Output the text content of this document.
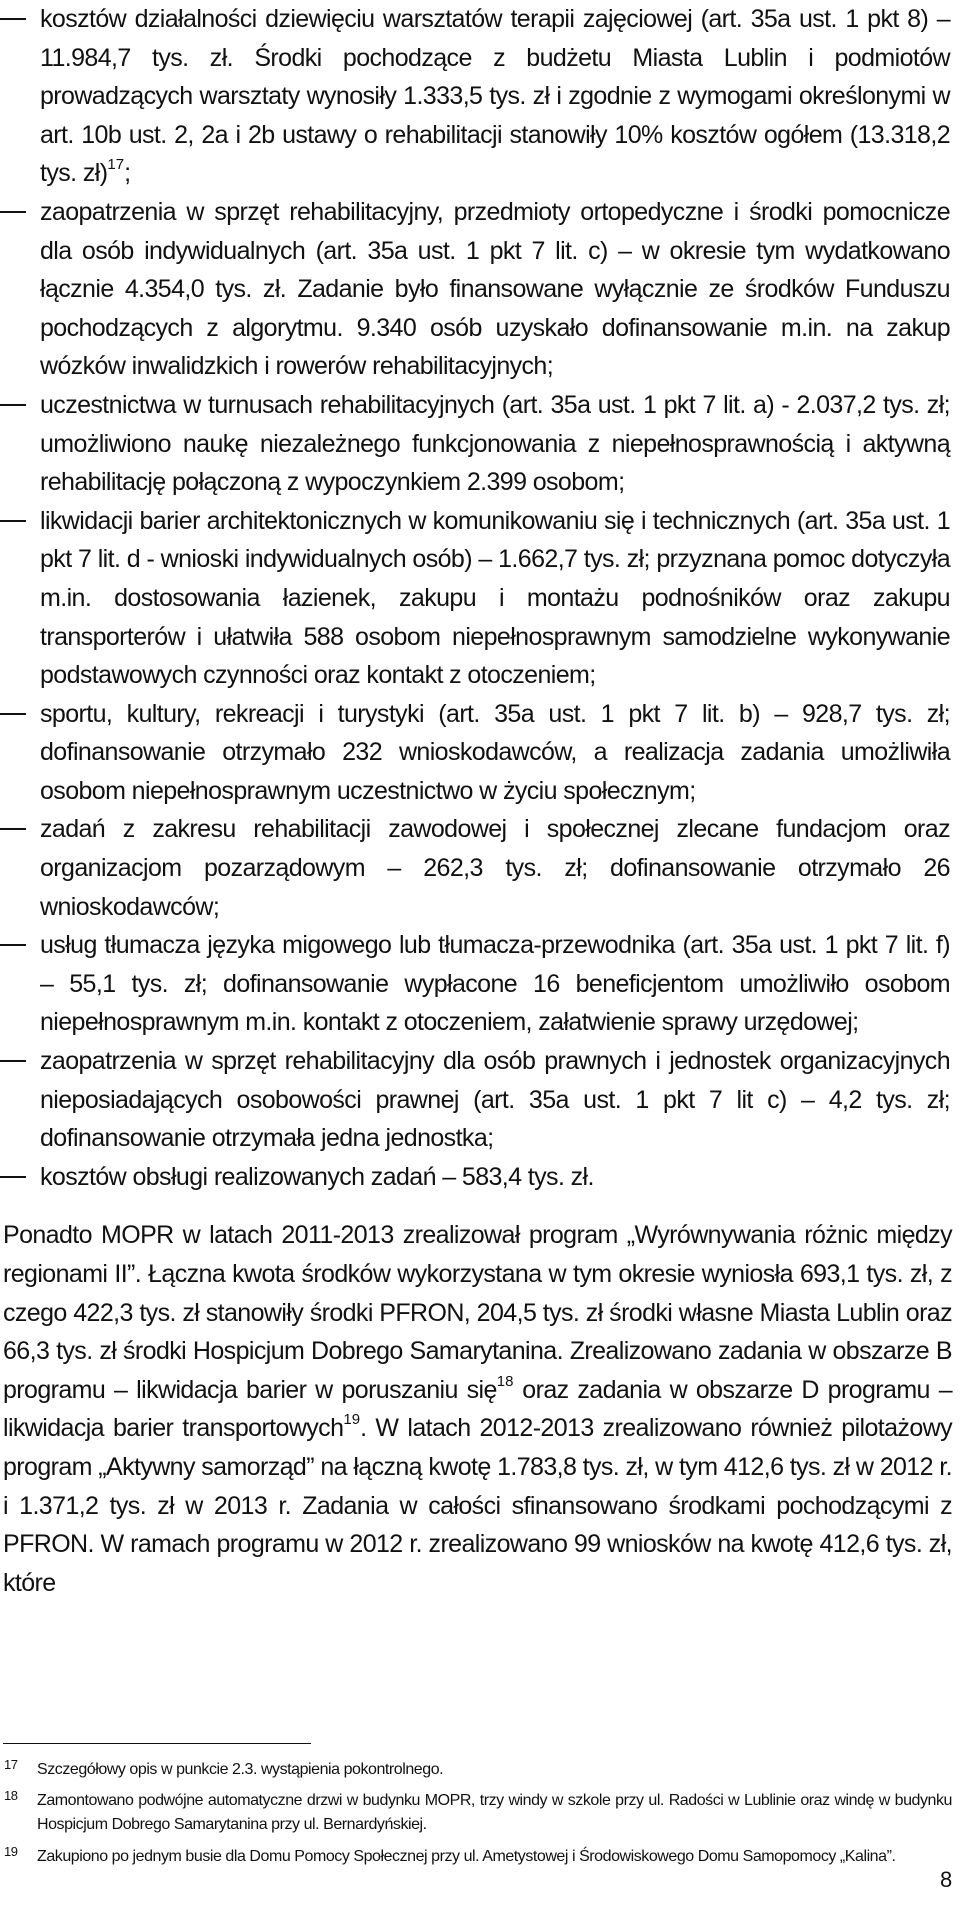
kosztów działalności dziewięciu warsztatów terapii zajęciowej (art. 35a ust. 1 pkt 8) – 11.984,7 tys. zł. Środki pochodzące z budżetu Miasta Lublin i podmiotów prowadzących warsztaty wynosiły 1.333,5 tys. zł i zgodnie z wymogami określonymi w art. 10b ust. 2, 2a i 2b ustawy o rehabilitacji stanowiły 10% kosztów ogółem (13.318,2 tys. zł)$^{17}$;
zaopatrzenia w sprzęt rehabilitacyjny, przedmioty ortopedyczne i środki pomocnicze dla osób indywidualnych (art. 35a ust. 1 pkt 7 lit. c) – w okresie tym wydatkowano łącznie 4.354,0 tys. zł. Zadanie było finansowane wyłącznie ze środków Funduszu pochodzących z algorytmu. 9.340 osób uzyskało dofinansowanie m.in. na zakup wózków inwalidzkich i rowerów rehabilitacyjnych;
uczestnictwa w turnusach rehabilitacyjnych (art. 35a ust. 1 pkt 7 lit. a) - 2.037,2 tys. zł; umożliwiono naukę niezależnego funkcjonowania z niepełnosprawnością i aktywną rehabilitację połączoną z wypoczynkiem 2.399 osobom;
likwidacji barier architektonicznych w komunikowaniu się i technicznych (art. 35a ust. 1 pkt 7 lit. d - wnioski indywidualnych osób) – 1.662,7 tys. zł; przyznana pomoc dotyczyła m.in. dostosowania łazienek, zakupu i montażu podnośników oraz zakupu transporterów i ułatwiła 588 osobom niepełnosprawnym samodzielne wykonywanie podstawowych czynności oraz kontakt z otoczeniem;
sportu, kultury, rekreacji i turystyki (art. 35a ust. 1 pkt 7 lit. b) – 928,7 tys. zł; dofinansowanie otrzymało 232 wnioskodawców, a realizacja zadania umożliwiła osobom niepełnosprawnym uczestnictwo w życiu społecznym;
zadań z zakresu rehabilitacji zawodowej i społecznej zlecane fundacjom oraz organizacjom pozarządowym – 262,3 tys. zł; dofinansowanie otrzymało 26 wnioskodawców;
usług tłumacza języka migowego lub tłumacza-przewodnika (art. 35a ust. 1 pkt 7 lit. f) – 55,1 tys. zł; dofinansowanie wypłacone 16 beneficjentom umożliwiło osobom niepełnosprawnym m.in. kontakt z otoczeniem, załatwienie sprawy urzędowej;
zaopatrzenia w sprzęt rehabilitacyjny dla osób prawnych i jednostek organizacyjnych nieposiadających osobowości prawnej (art. 35a ust. 1 pkt 7 lit c) – 4,2 tys. zł; dofinansowanie otrzymała jedna jednostka;
kosztów obsługi realizowanych zadań – 583,4 tys. zł.

Ponadto MOPR w latach 2011-2013 zrealizował program „Wyrównywania różnic między regionami II”. Łączna kwota środków wykorzystana w tym okresie wyniosła 693,1 tys. zł, z czego 422,3 tys. zł stanowiły środki PFRON, 204,5 tys. zł środki własne Miasta Lublin oraz 66,3 tys. zł środki Hospicjum Dobrego Samarytanina. Zrealizowano zadania w obszarze B programu – likwidacja barier w poruszaniu się$^{18}$ oraz zadania w obszarze D programu – likwidacja barier transportowych$^{19}$. W latach 2012-2013 zrealizowano również pilotażowy program „Aktywny samorząd” na łączną kwotę 1.783,8 tys. zł, w tym 412,6 tys. zł w 2012 r. i 1.371,2 tys. zł w 2013 r. Zadania w całości sfinansowano środkami pochodzącymi z PFRON. W ramach programu w 2012 r. zrealizowano 99 wniosków na kwotę 412,6 tys. zł, które

17 Szczegółowy opis w punkcie 2.3. wystąpienia pokontrolnego.
18 Zamontowano podwójne automatyczne drzwi w budynku MOPR, trzy windy w szkole przy ul. Radości w Lublinie oraz windę w budynku Hospicjum Dobrego Samarytanina przy ul. Bernardyńskiej.
19 Zakupiono po jednym busie dla Domu Pomocy Społecznej przy ul. Ametystowej i Środowiskowego Domu Samopomocy „Kalina”.
8
